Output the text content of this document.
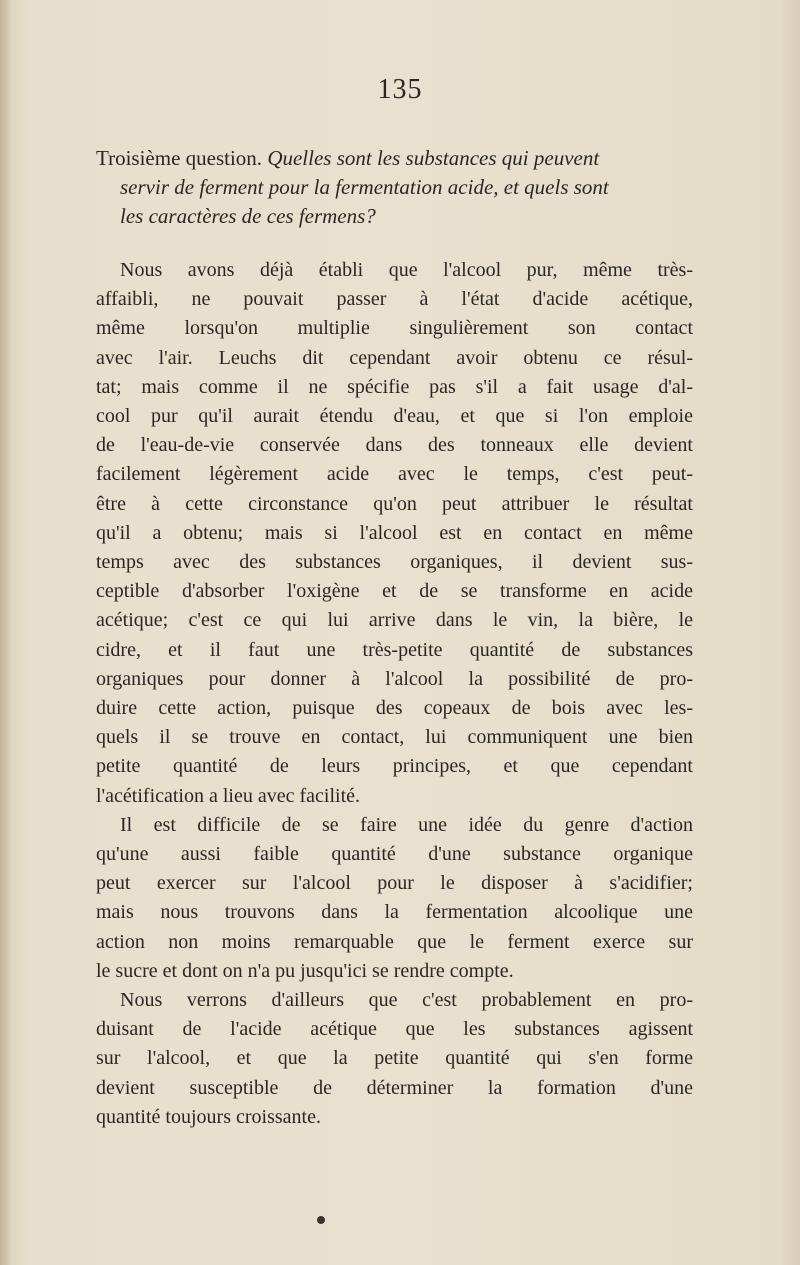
135
Troisième question. Quelles sont les substances qui peuvent
servir de ferment pour la fermentation acide, et quels sont
les caractères de ces fermens?
Nous avons déjà établi que l'alcool pur, même très-
affaibli, ne pouvait passer à l'état d'acide acétique,
même lorsqu'on multiplie singulièrement son contact
avec l'air. Leuchs dit cependant avoir obtenu ce résul-
tat; mais comme il ne spécifie pas s'il a fait usage d'al-
cool pur qu'il aurait étendu d'eau, et que si l'on emploie
de l'eau-de-vie conservée dans des tonneaux elle devient
facilement légèrement acide avec le temps, c'est peut-
être à cette circonstance qu'on peut attribuer le résultat
qu'il a obtenu; mais si l'alcool est en contact en même
temps avec des substances organiques, il devient sus-
ceptible d'absorber l'oxigène et de se transforme en acide
acétique; c'est ce qui lui arrive dans le vin, la bière, le
cidre, et il faut une très-petite quantité de substances
organiques pour donner à l'alcool la possibilité de pro-
duire cette action, puisque des copeaux de bois avec les-
quels il se trouve en contact, lui communiquent une bien
petite quantité de leurs principes, et que cependant
l'acétification a lieu avec facilité.
Il est difficile de se faire une idée du genre d'action
qu'une aussi faible quantité d'une substance organique
peut exercer sur l'alcool pour le disposer à s'acidifier;
mais nous trouvons dans la fermentation alcoolique une
action non moins remarquable que le ferment exerce sur
le sucre et dont on n'a pu jusqu'ici se rendre compte.
Nous verrons d'ailleurs que c'est probablement en pro-
duisant de l'acide acétique que les substances agissent
sur l'alcool, et que la petite quantité qui s'en forme
devient susceptible de déterminer la formation d'une
quantité toujours croissante.
